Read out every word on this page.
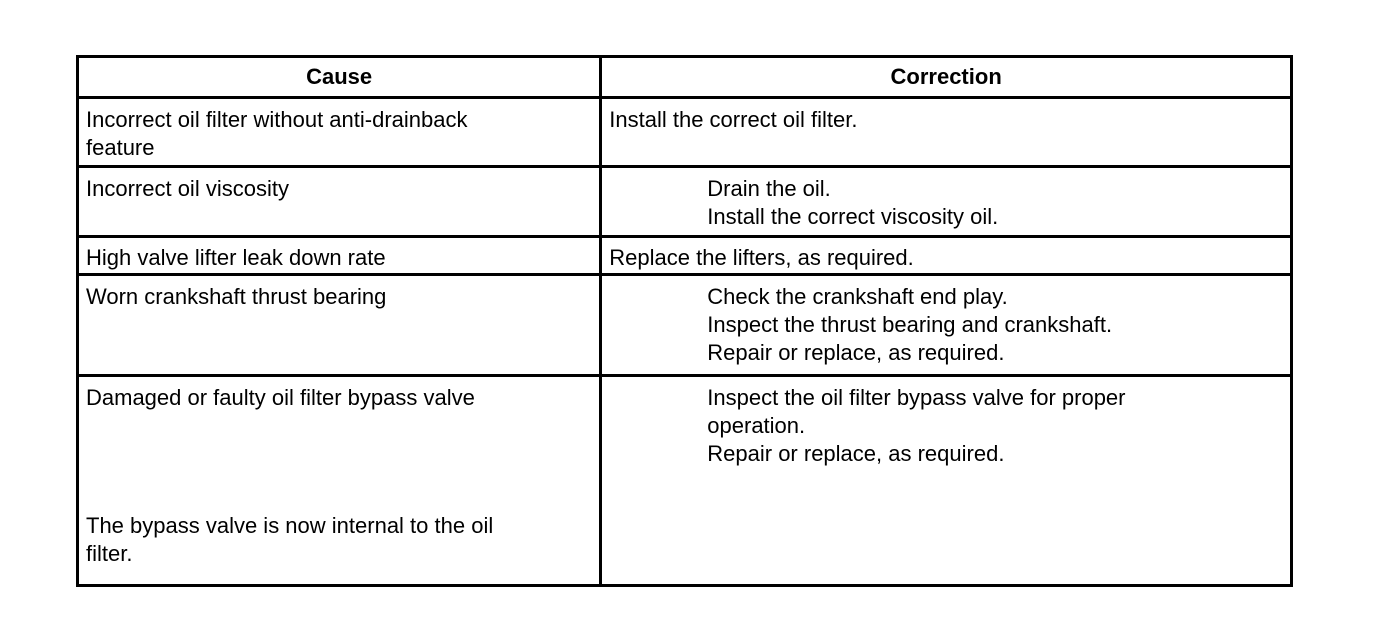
Cause	Correction

Incorrect oil filter without anti-drainback
feature	Install the correct oil filter.

Incorrect oil viscosity	Drain the oil.
Install the correct viscosity oil.

High valve lifter leak down rate	Replace the lifters, as required.

Worn crankshaft thrust bearing	Check the crankshaft end play.
Inspect the thrust bearing and crankshaft.
Repair or replace, as required.

Damaged or faulty oil filter bypass valve
The bypass valve is now internal to the oil
filter.	Inspect the oil filter bypass valve for proper
operation.
Repair or replace, as required.
